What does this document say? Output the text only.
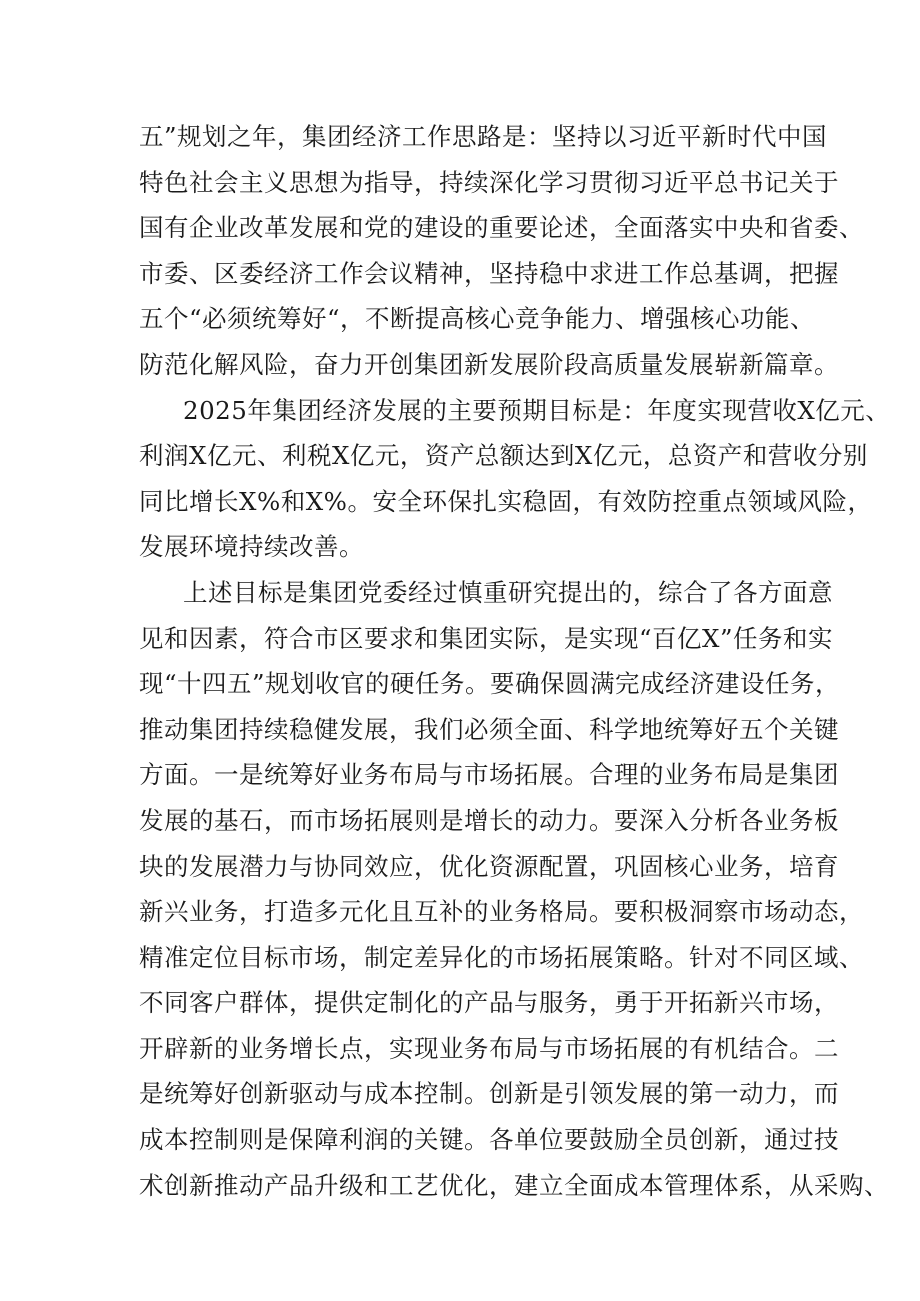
五”规划之年，集团经济工作思路是：坚持以习近平新时代中国
特色社会主义思想为指导，持续深化学习贯彻习近平总书记关于
国有企业改革发展和党的建设的重要论述，全面落实中央和省委、
市委、区委经济工作会议精神，坚持稳中求进工作总基调，把握
五个“必须统筹好“，不断提高核心竞争能力、增强核心功能、
防范化解风险，奋力开创集团新发展阶段高质量发展崭新篇章。
2025年集团经济发展的主要预期目标是：年度实现营收X亿元、
利润X亿元、利税X亿元，资产总额达到X亿元，总资产和营收分别
同比增长X%和X%。安全环保扎实稳固，有效防控重点领域风险，
发展环境持续改善。
上述目标是集团党委经过慎重研究提出的，综合了各方面意
见和因素，符合市区要求和集团实际，是实现“百亿X”任务和实
现“十四五”规划收官的硬任务。要确保圆满完成经济建设任务，
推动集团持续稳健发展，我们必须全面、科学地统筹好五个关键
方面。一是统筹好业务布局与市场拓展。合理的业务布局是集团
发展的基石，而市场拓展则是增长的动力。要深入分析各业务板
块的发展潜力与协同效应，优化资源配置，巩固核心业务，培育
新兴业务，打造多元化且互补的业务格局。要积极洞察市场动态，
精准定位目标市场，制定差异化的市场拓展策略。针对不同区域、
不同客户群体，提供定制化的产品与服务，勇于开拓新兴市场，
开辟新的业务增长点，实现业务布局与市场拓展的有机结合。二
是统筹好创新驱动与成本控制。创新是引领发展的第一动力，而
成本控制则是保障利润的关键。各单位要鼓励全员创新，通过技
术创新推动产品升级和工艺优化，建立全面成本管理体系，从采购、
